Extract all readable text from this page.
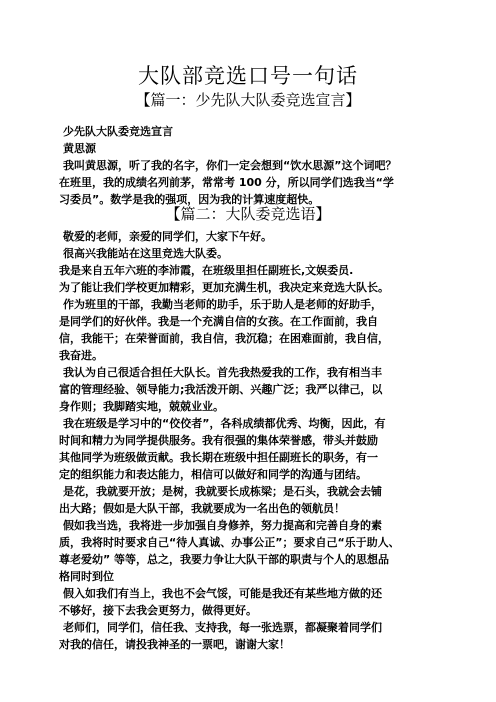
大队部竞选口号一句话
【篇一：少先队大队委竞选宣言】

少先队大队委竞选宣言

黄思源

我叫黄思源，听了我的名字，你们一定会想到“饮水思源”这个词吧？

在班里，我的成绩名列前茅，常常考 100 分，所以同学们选我当“学

习委员”。数学是我的强项，因为我的计算速度超快。

【篇二：大队委竞选语】

敬爱的老师，亲爱的同学们，大家下午好。

很高兴我能站在这里竞选大队委。

我是来自五年六班的李沛霞，在班级里担任副班长,文娱委员.

为了能让我们学校更加精彩，更加充满生机，我决定来竞选大队长。

作为班里的干部，我勤当老师的助手，乐于助人是老师的好助手，

是同学们的好伙伴。我是一个充满自信的女孩。在工作面前，我自

信，我能干；在荣誉面前，我自信，我沉稳；在困难面前，我自信，

我奋进。

我认为自己很适合担任大队长。首先我热爱我的工作，我有相当丰

富的管理经验、领导能力;我活泼开朗、兴趣广泛；我严以律己，以

身作则；我脚踏实地，兢兢业业。

我在班级是学习中的“佼佼者”，各科成绩都优秀、均衡，因此，有

时间和精力为同学提供服务。我有很强的集体荣誉感，带头并鼓励

其他同学为班级做贡献。我长期在班级中担任副班长的职务，有一

定的组织能力和表达能力，相信可以做好和同学的沟通与团结。

是花，我就要开放；是树，我就要长成栋梁；是石头，我就会去铺

出大路；假如是大队干部，我就要成为一名出色的领航员！

假如我当选，我将进一步加强自身修养，努力提高和完善自身的素

质，我将时时要求自己“待人真诚、办事公正”；要求自己“乐于助人、

尊老爱幼” 等等，总之，我要力争让大队干部的职责与个人的思想品

格同时到位

假入如我们有当上，我也不会气馁，可能是我还有某些地方做的还

不够好，接下去我会更努力，做得更好。

老师们，同学们，信任我、支持我，每一张选票，都凝聚着同学们

对我的信任，请投我神圣的一票吧，谢谢大家！
